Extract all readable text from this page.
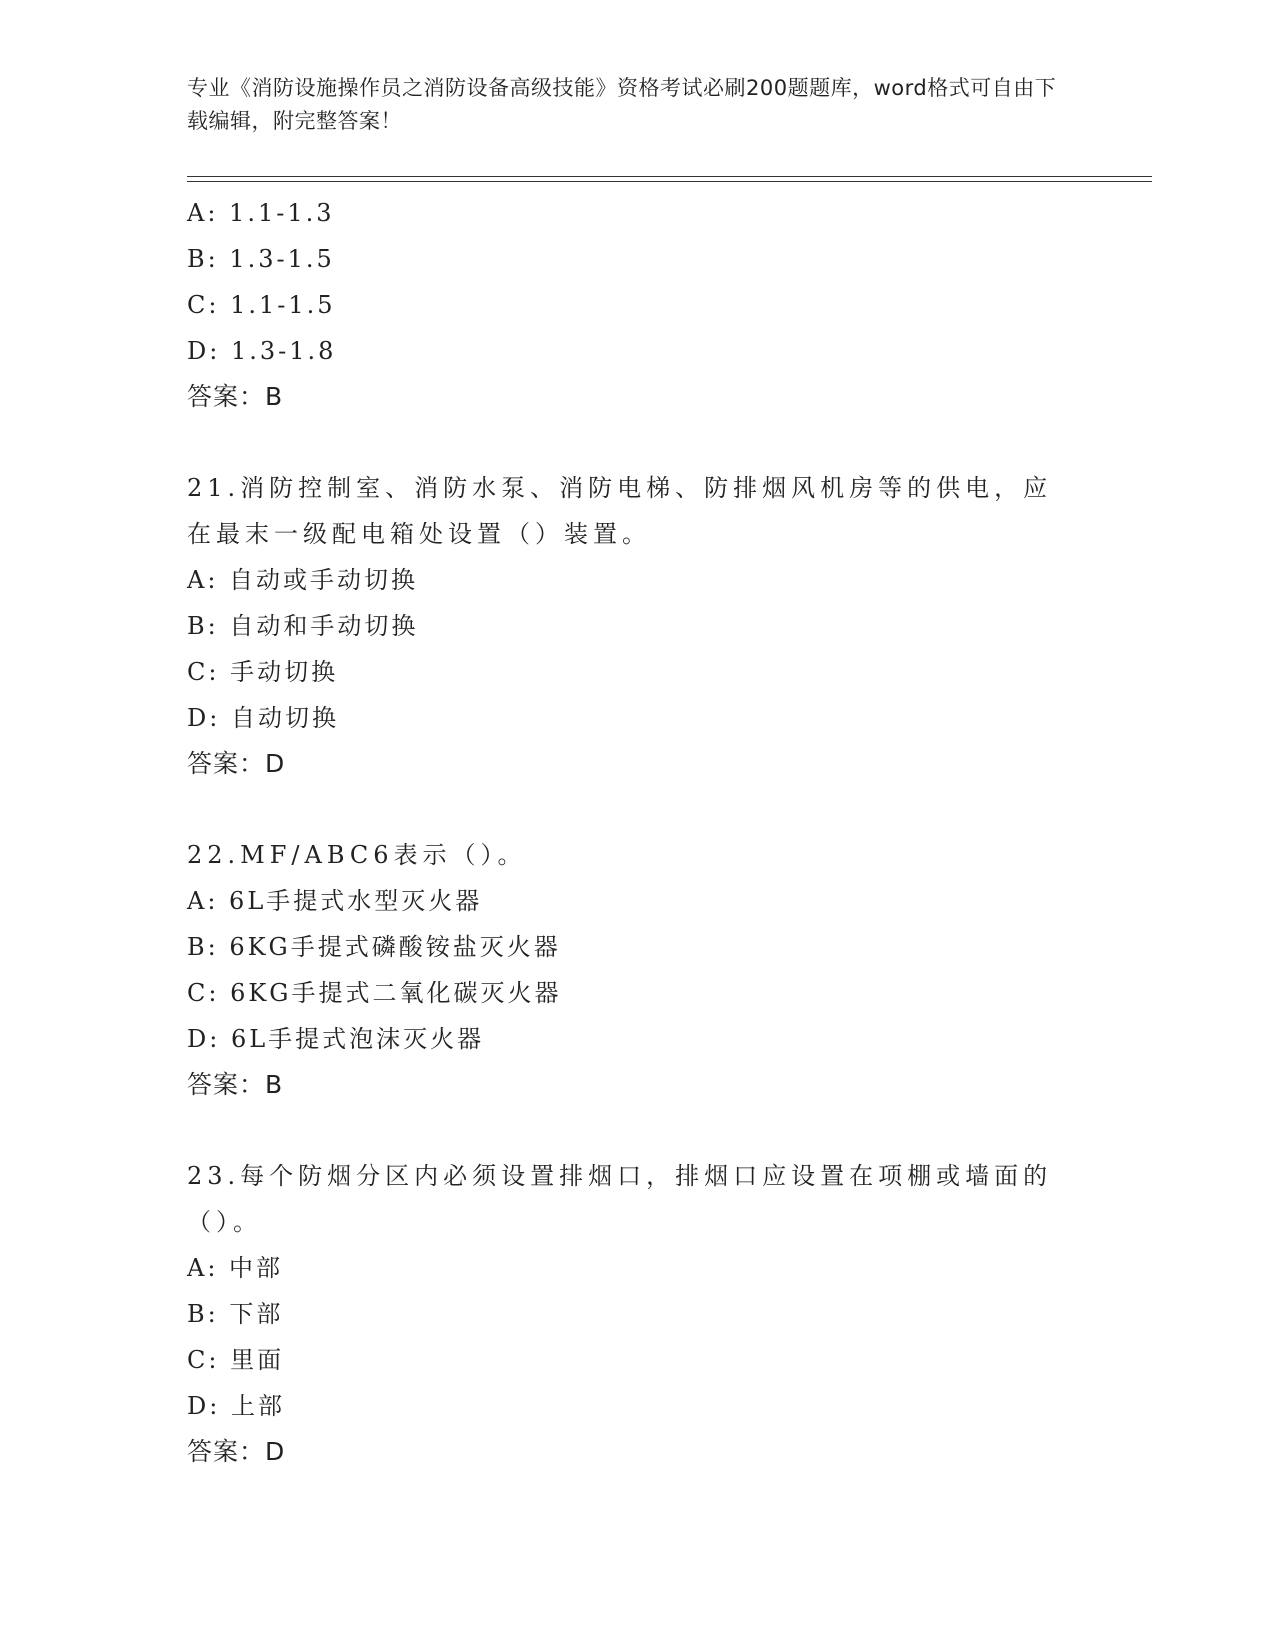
专业《消防设施操作员之消防设备高级技能》资格考试必刷200题题库，word格式可自由下载编辑，附完整答案！
A: 1.1-1.3
B: 1.3-1.5
C: 1.1-1.5
D: 1.3-1.8
答案：B
21.消防控制室、消防水泵、消防电梯、防排烟风机房等的供电，应在最末一级配电箱处设置（）装置。
A: 自动或手动切换
B: 自动和手动切换
C: 手动切换
D: 自动切换
答案：D
22.MF/ABC6表示（）。
A: 6L手提式水型灭火器
B: 6KG手提式磷酸铵盐灭火器
C: 6KG手提式二氧化碳灭火器
D: 6L手提式泡沫灭火器
答案：B
23.每个防烟分区内必须设置排烟口，排烟口应设置在项棚或墙面的（）。
A: 中部
B: 下部
C: 里面
D: 上部
答案：D
